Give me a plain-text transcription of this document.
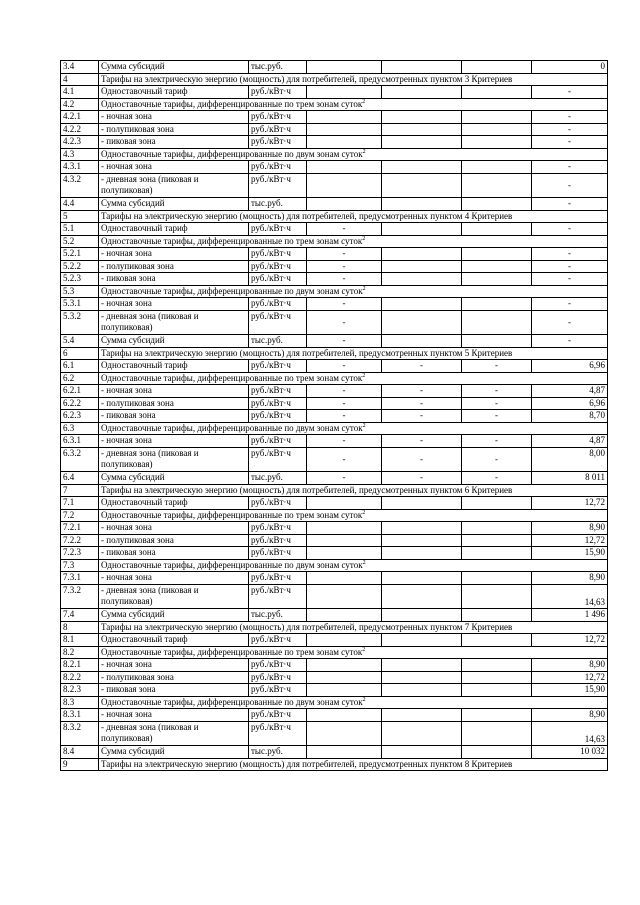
3.4	Сумма субсидий	тыс.руб.				0
4	Тарифы на электрическую энергию (мощность) для потребителей, предусмотренных пунктом 3 Критериев					
4.1	Одноставочный тариф	руб./кВт·ч				-
4.2	Одноставочные тарифы, дифференцированные по трем зонам суток$^2$
4.2.1	- ночная зона	руб./кВт·ч				-
4.2.2	- полупиковая зона	руб./кВт·ч				-
4.2.3	- пиковая зона	руб./кВт·ч				-
4.3	Одноставочные тарифы, дифференцированные по двум зонам суток$^2$
4.3.1	- ночная зона	руб./кВт·ч				-
4.3.2	- дневная зона (пиковая и полупиковая)	руб./кВт·ч				-
4.4	Сумма субсидий	тыс.руб.				-
5	Тарифы на электрическую энергию (мощность) для потребителей, предусмотренных пунктом 4 Критериев					
5.1	Одноставочный тариф	руб./кВт·ч	-			-
5.2	Одноставочные тарифы, дифференцированные по трем зонам суток$^2$
5.2.1	- ночная зона	руб./кВт·ч	-			-
5.2.2	- полупиковая зона	руб./кВт·ч	-			-
5.2.3	- пиковая зона	руб./кВт·ч	-			-
5.3	Одноставочные тарифы, дифференцированные по двум зонам суток$^2$
5.3.1	- ночная зона	руб./кВт·ч	-			-
5.3.2	- дневная зона (пиковая и полупиковая)	руб./кВт·ч	-			-
5.4	Сумма субсидий	тыс.руб.	-			-
6	Тарифы на электрическую энергию (мощность) для потребителей, предусмотренных пунктом 5 Критериев					
6.1	Одноставочный тариф	руб./кВт·ч	-	-	-	6,96
6.2	Одноставочные тарифы, дифференцированные по трем зонам суток$^2$
6.2.1	- ночная зона	руб./кВт·ч	-	-	-	4,87
6.2.2	- полупиковая зона	руб./кВт·ч	-	-	-	6,96
6.2.3	- пиковая зона	руб./кВт·ч	-	-	-	8,70
6.3	Одноставочные тарифы, дифференцированные по двум зонам суток$^2$
6.3.1	- ночная зона	руб./кВт·ч	-	-	-	4,87
6.3.2	- дневная зона (пиковая и полупиковая)	руб./кВт·ч	-	-	-	8,00
6.4	Сумма субсидий	тыс.руб.	-	-	-	8 011
7	Тарифы на электрическую энергию (мощность) для потребителей, предусмотренных пунктом 6 Критериев					
7.1	Одноставочный тариф	руб./кВт·ч				12,72
7.2	Одноставочные тарифы, дифференцированные по трем зонам суток$^2$
7.2.1	- ночная зона	руб./кВт·ч				8,90
7.2.2	- полупиковая зона	руб./кВт·ч				12,72
7.2.3	- пиковая зона	руб./кВт·ч				15,90
7.3	Одноставочные тарифы, дифференцированные по двум зонам суток$^2$
7.3.1	- ночная зона	руб./кВт·ч				8,90
7.3.2	- дневная зона (пиковая и полупиковая)	руб./кВт·ч				14,63
7.4	Сумма субсидий	тыс.руб.				1 496
8	Тарифы на электрическую энергию (мощность) для потребителей, предусмотренных пунктом 7 Критериев					
8.1	Одноставочный тариф	руб./кВт·ч				12,72
8.2	Одноставочные тарифы, дифференцированные по трем зонам суток$^2$
8.2.1	- ночная зона	руб./кВт·ч				8,90
8.2.2	- полупиковая зона	руб./кВт·ч				12,72
8.2.3	- пиковая зона	руб./кВт·ч				15,90
8.3	Одноставочные тарифы, дифференцированные по двум зонам суток$^2$
8.3.1	- ночная зона	руб./кВт·ч				8,90
8.3.2	- дневная зона (пиковая и полупиковая)	руб./кВт·ч				14,63
8.4	Сумма субсидий	тыс.руб.				10 032
9	Тарифы на электрическую энергию (мощность) для потребителей, предусмотренных пунктом 8 Критериев					
